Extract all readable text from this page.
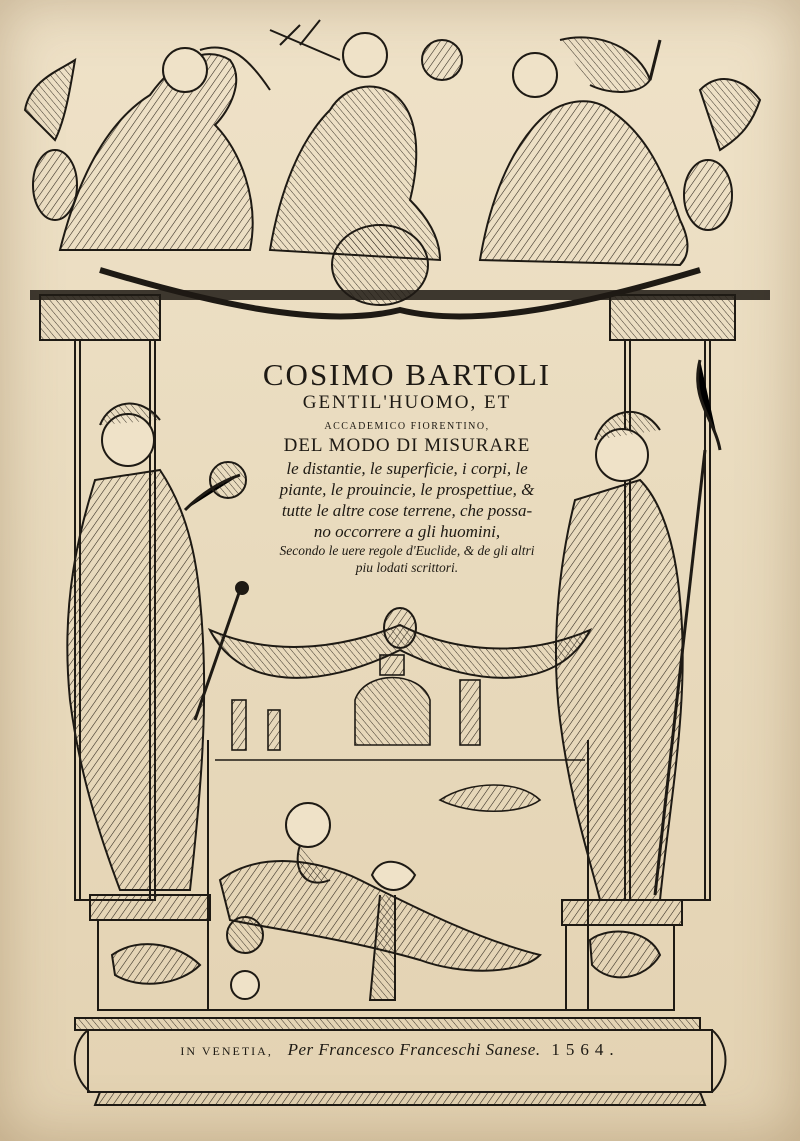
COSIMO BARTOLI
GENTIL'HUOMO, ET
ACCADEMICO FIORENTINO,
DEL MODO DI MISURARE
le distantie, le superficie, i corpi, le
piante, le prouincie, le prospettiue, &
tutte le altre cose terrene, che possa-
no occorrere a gli huomini,
Secondo le uere regole d'Euclide, & de gli altri
piu lodati scrittori.
IN VENETIA, Per Francesco Franceschi Sanese. 1564.
